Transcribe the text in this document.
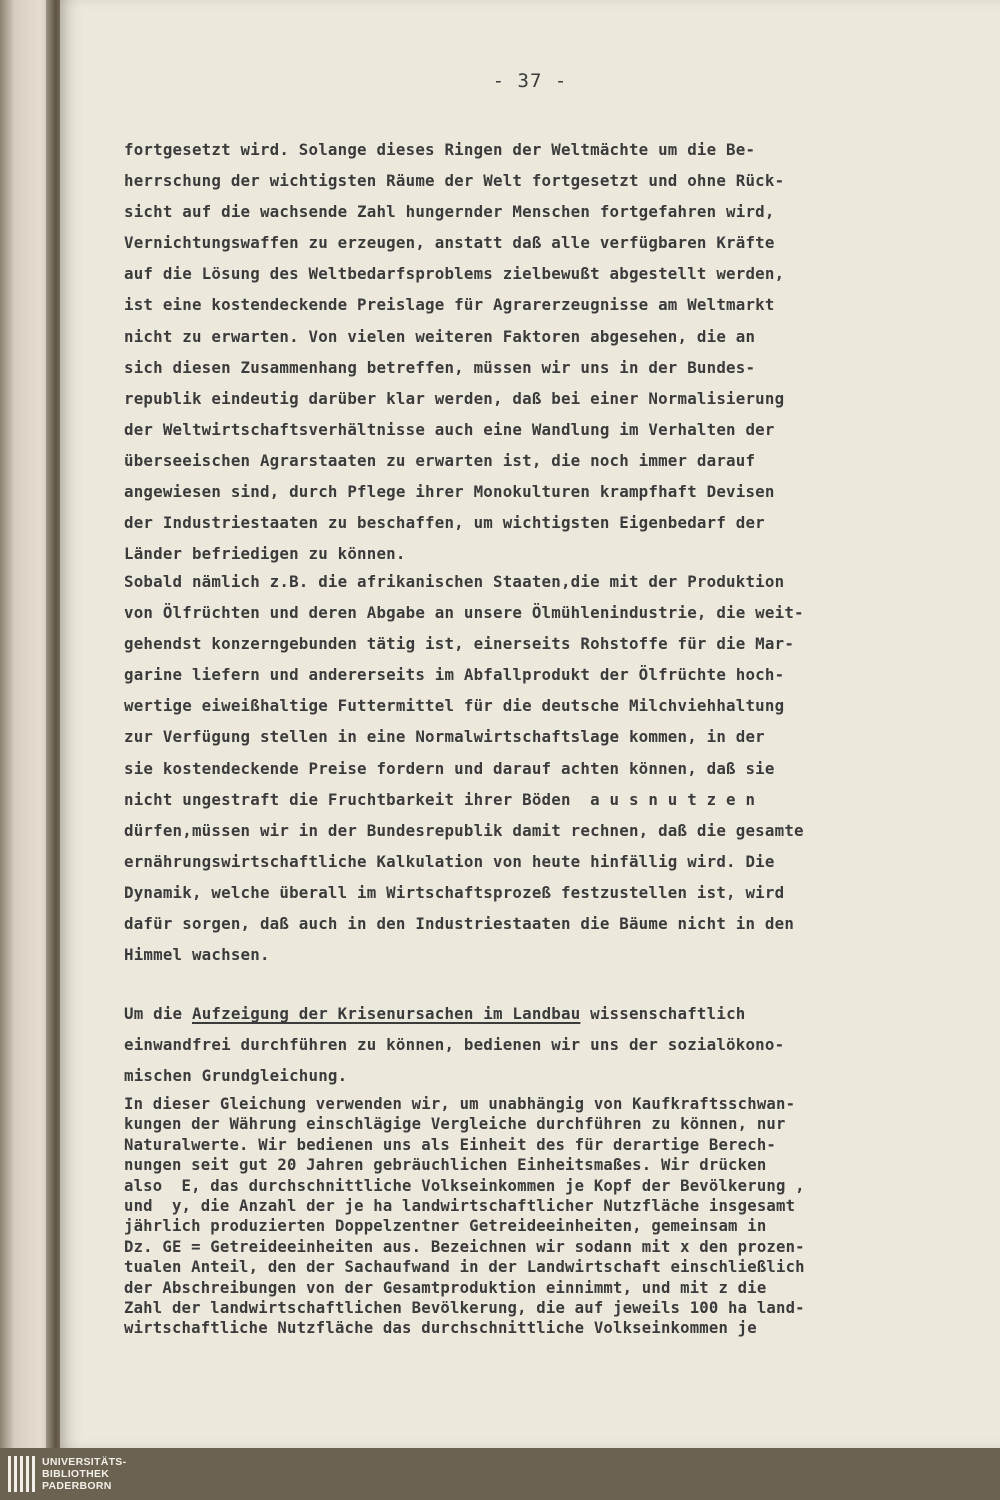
- 37 -
fortgesetzt wird. Solange dieses Ringen der Weltmächte um die Be-
herrschung der wichtigsten Räume der Welt fortgesetzt und ohne Rück-
sicht auf die wachsende Zahl hungernder Menschen fortgefahren wird,
Vernichtungswaffen zu erzeugen, anstatt daß alle verfügbaren Kräfte
auf die Lösung des Weltbedarfsproblems zielbewußt abgestellt werden,
ist eine kostendeckende Preislage für Agrarerzeugnisse am Weltmarkt
nicht zu erwarten. Von vielen weiteren Faktoren abgesehen, die an
sich diesen Zusammenhang betreffen, müssen wir uns in der Bundes-
republik eindeutig darüber klar werden, daß bei einer Normalisierung
der Weltwirtschaftsverhältnisse auch eine Wandlung im Verhalten der
überseeischen Agrarstaaten zu erwarten ist, die noch immer darauf
angewiesen sind, durch Pflege ihrer Monokulturen krampfhaft Devisen
der Industriestaaten zu beschaffen, um wichtigsten Eigenbedarf der
Länder befriedigen zu können.
Sobald nämlich z.B. die afrikanischen Staaten,die mit der Produktion
von Ölfrüchten und deren Abgabe an unsere Ölmühlenindustrie, die weit-
gehendst konzerngebunden tätig ist, einerseits Rohstoffe für die Mar-
garine liefern und andererseits im Abfallprodukt der Ölfrüchte hoch-
wertige eiweißhaltige Futtermittel für die deutsche Milchviehhaltung
zur Verfügung stellen in eine Normalwirtschaftslage kommen, in der
sie kostendeckende Preise fordern und darauf achten können, daß sie
nicht ungestraft die Fruchtbarkeit ihrer Böden  a u s n u t z e n
dürfen,müssen wir in der Bundesrepublik damit rechnen, daß die gesamte
ernährungswirtschaftliche Kalkulation von heute hinfällig wird. Die
Dynamik, welche überall im Wirtschaftsprozeß festzustellen ist, wird
dafür sorgen, daß auch in den Industriestaaten die Bäume nicht in den
Himmel wachsen.
Um die Aufzeigung der Krisenursachen im Landbau wissenschaftlich
einwandfrei durchführen zu können, bedienen wir uns der sozialökono-
mischen Grundgleichung.
In dieser Gleichung verwenden wir, um unabhängig von Kaufkraftsschwan-
kungen der Währung einschlägige Vergleiche durchführen zu können, nur
Naturalwerte. Wir bedienen uns als Einheit des für derartige Berech-
nungen seit gut 20 Jahren gebräuchlichen Einheitsmaßes. Wir drücken
also  E, das durchschnittliche Volkseinkommen je Kopf der Bevölkerung ,
und  y, die Anzahl der je ha landwirtschaftlicher Nutzfläche insgesamt
jährlich produzierten Doppelzentner Getreideeinheiten, gemeinsam in
Dz. GE = Getreideeinheiten aus. Bezeichnen wir sodann mit x den prozen-
tualen Anteil, den der Sachaufwand in der Landwirtschaft einschließlich
der Abschreibungen von der Gesamtproduktion einnimmt, und mit z die
Zahl der landwirtschaftlichen Bevölkerung, die auf jeweils 100 ha land-
wirtschaftliche Nutzfläche das durchschnittliche Volkseinkommen je
UNIVERSITÄTS-
BIBLIOTHEK
PADERBORN
